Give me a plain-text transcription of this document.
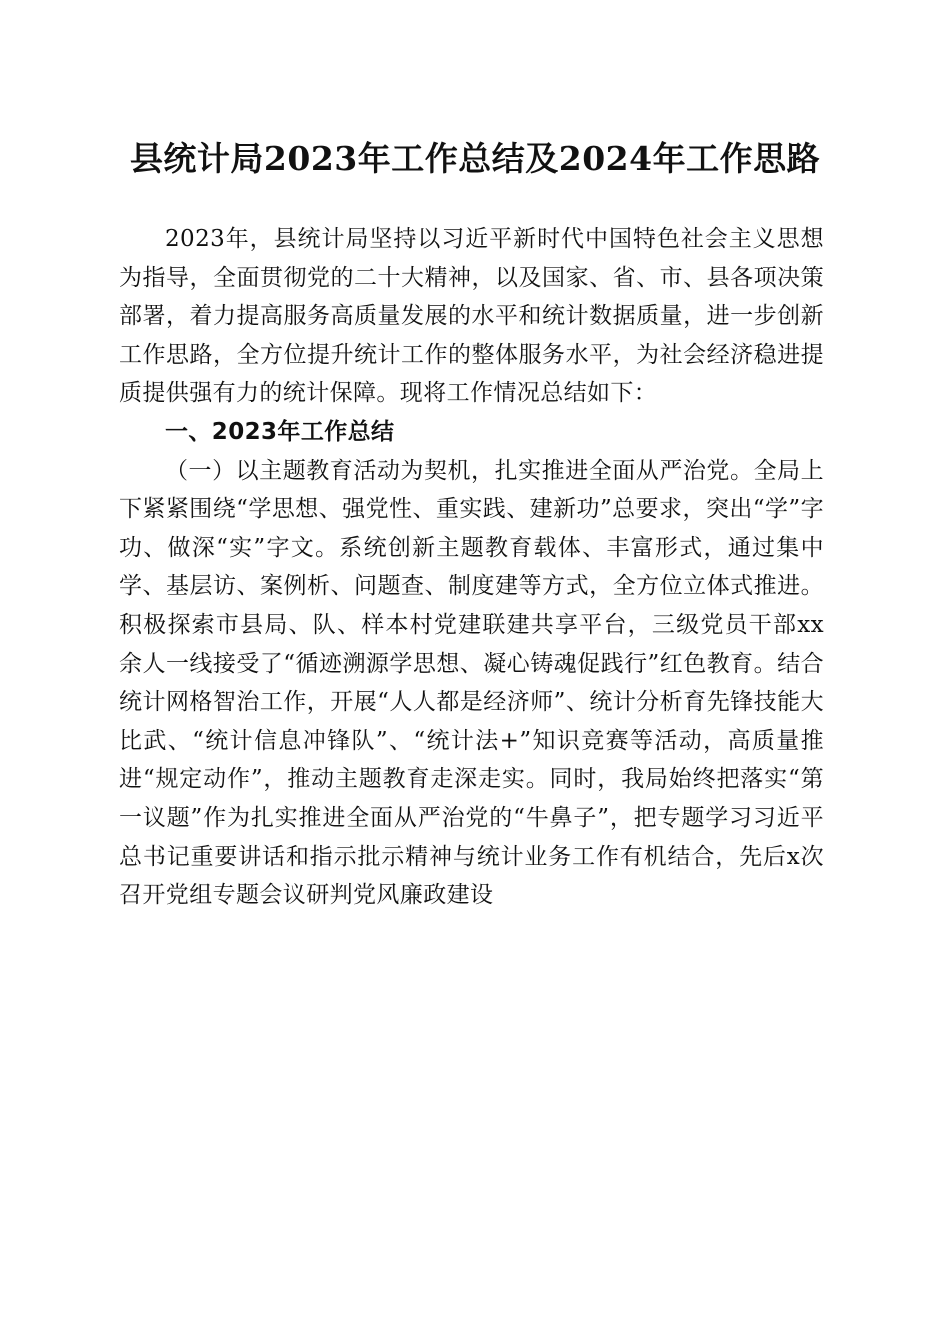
县统计局2023年工作总结及2024年工作思路

2023年，县统计局坚持以习近平新时代中国特色社会主义思想为指导，全面贯彻党的二十大精神，以及国家、省、市、县各项决策部署，着力提高服务高质量发展的水平和统计数据质量，进一步创新工作思路，全方位提升统计工作的整体服务水平，为社会经济稳进提质提供强有力的统计保障。现将工作情况总结如下：

一、2023年工作总结

（一）以主题教育活动为契机，扎实推进全面从严治党。全局上下紧紧围绕“学思想、强党性、重实践、建新功”总要求，突出“学”字功、做深“实”字文。系统创新主题教育载体、丰富形式，通过集中学、基层访、案例析、问题查、制度建等方式，全方位立体式推进。积极探索市县局、队、样本村党建联建共享平台，三级党员干部xx余人一线接受了“循迹溯源学思想、凝心铸魂促践行”红色教育。结合统计网格智治工作，开展“人人都是经济师”、统计分析育先锋技能大比武、“统计信息冲锋队”、“统计法+”知识竞赛等活动，高质量推进“规定动作”，推动主题教育走深走实。同时，我局始终把落实“第一议题”作为扎实推进全面从严治党的“牛鼻子”，把专题学习习近平总书记重要讲话和指示批示精神与统计业务工作有机结合，先后x次召开党组专题会议研判党风廉政建设
